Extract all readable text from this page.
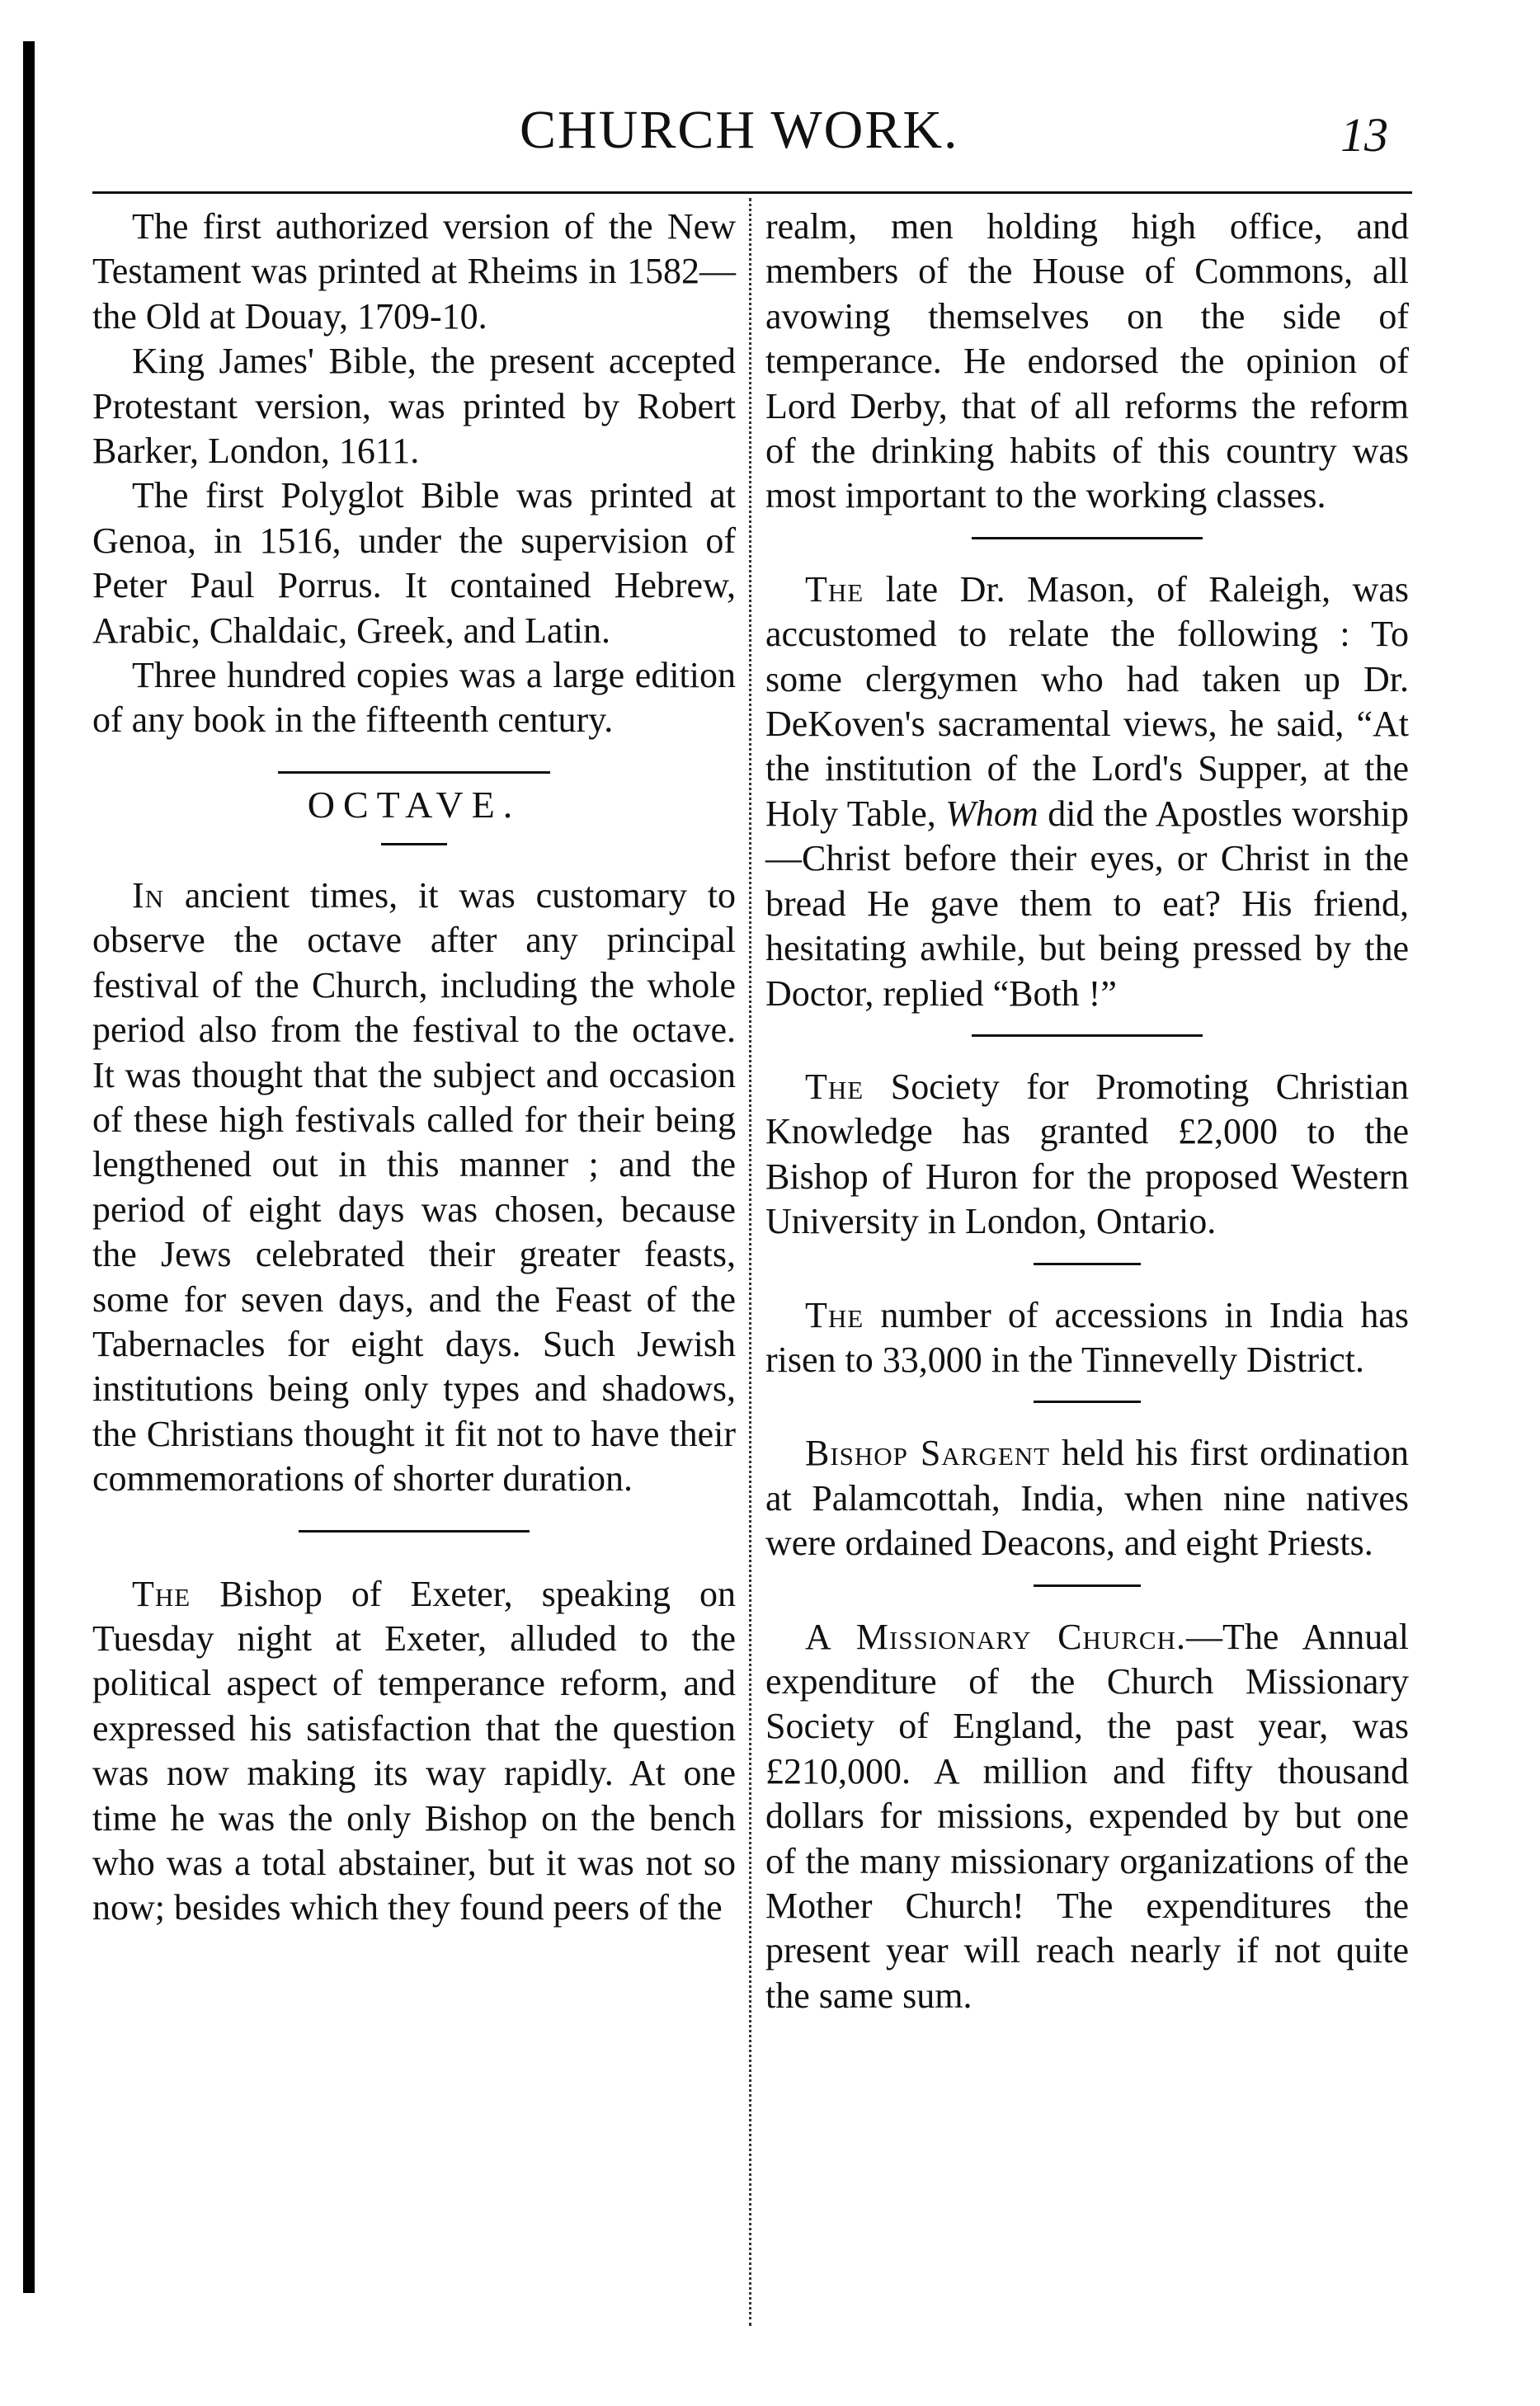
CHURCH WORK.	13

The first authorized version of the New Testament was printed at Rheims in 1582—the Old at Douay, 1709-10.

King James' Bible, the present accepted Protestant version, was printed by Robert Barker, London, 1611.

The first Polyglot Bible was printed at Genoa, in 1516, under the supervision of Peter Paul Porrus. It contained Hebrew, Arabic, Chaldaic, Greek, and Latin.

Three hundred copies was a large edition of any book in the fifteenth century.

OCTAVE.

In ancient times, it was customary to observe the octave after any principal festival of the Church, including the whole period also from the festival to the octave. It was thought that the subject and occasion of these high festivals called for their being lengthened out in this manner ; and the period of eight days was chosen, because the Jews celebrated their greater feasts, some for seven days, and the Feast of the Tabernacles for eight days. Such Jewish institutions being only types and shadows, the Christians thought it fit not to have their commemorations of shorter duration.

The Bishop of Exeter, speaking on Tuesday night at Exeter, alluded to the political aspect of temperance reform, and expressed his satisfaction that the question was now making its way rapidly. At one time he was the only Bishop on the bench who was a total abstainer, but it was not so now; besides which they found peers of the

realm, men holding high office, and members of the House of Commons, all avowing themselves on the side of temperance. He endorsed the opinion of Lord Derby, that of all reforms the reform of the drinking habits of this country was most important to the working classes.

The late Dr. Mason, of Raleigh, was accustomed to relate the following : To some clergymen who had taken up Dr. DeKoven's sacramental views, he said, “At the institution of the Lord's Supper, at the Holy Table, Whom did the Apostles worship—Christ before their eyes, or Christ in the bread He gave them to eat? His friend, hesitating awhile, but being pressed by the Doctor, replied “Both !”

The Society for Promoting Christian Knowledge has granted £2,000 to the Bishop of Huron for the proposed Western University in London, Ontario.

The number of accessions in India has risen to 33,000 in the Tinnevelly District.

Bishop Sargent held his first ordination at Palamcottah, India, when nine natives were ordained Deacons, and eight Priests.

A Missionary Church.—The Annual expenditure of the Church Missionary Society of England, the past year, was £210,000. A million and fifty thousand dollars for missions, expended by but one of the many missionary organizations of the Mother Church! The expenditures the present year will reach nearly if not quite the same sum.
